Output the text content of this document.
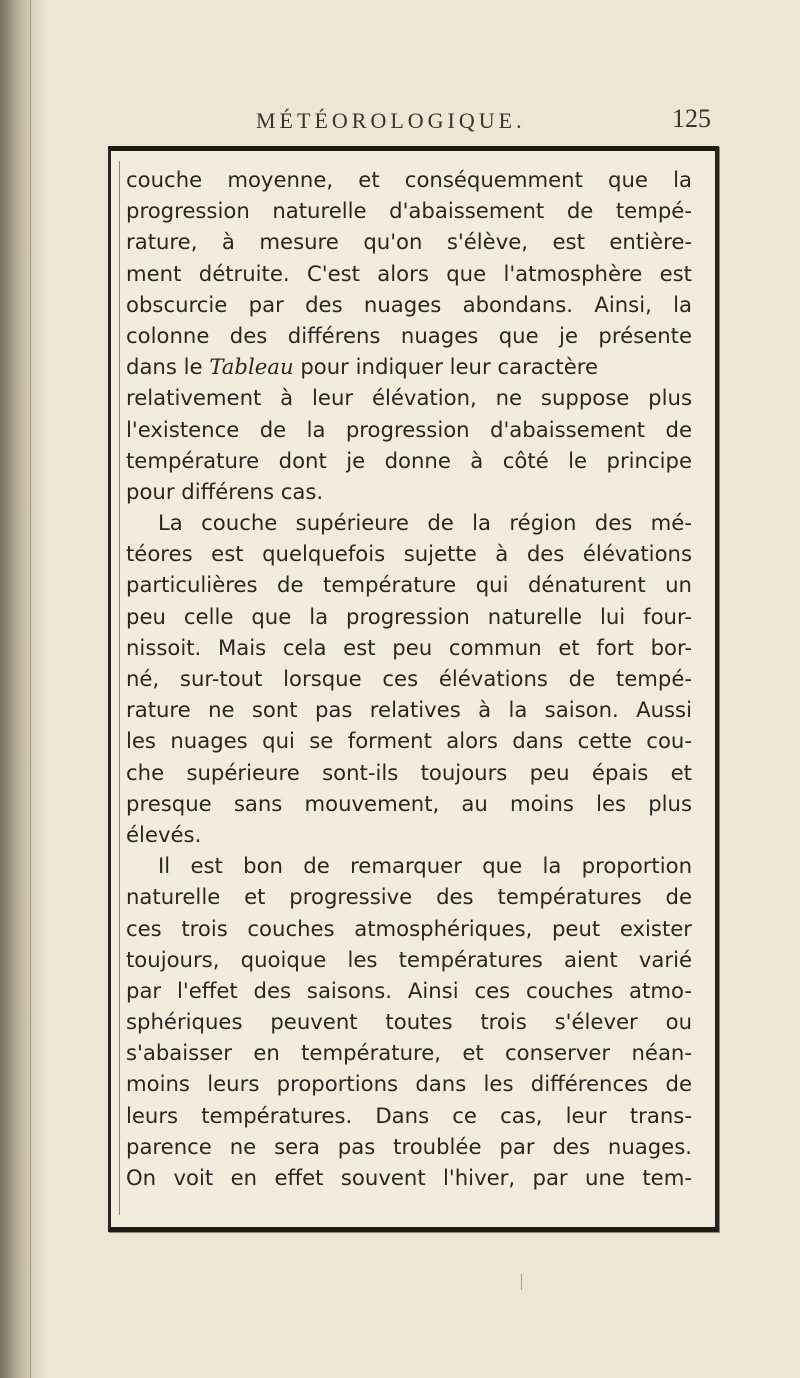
MÉTÉOROLOGIQUE.	125
couche moyenne, et conséquemment que la
progression naturelle d'abaissement de tempé-
rature, à mesure qu'on s'élève, est entière-
ment détruite. C'est alors que l'atmosphère est
obscurcie par des nuages abondans. Ainsi, la
colonne des différens nuages que je présente
dans le Tableau pour indiquer leur caractère
relativement à leur élévation, ne suppose plus
l'existence de la progression d'abaissement de
température dont je donne à côté le principe
pour différens cas.
La couche supérieure de la région des mé-
téores est quelquefois sujette à des élévations
particulières de température qui dénaturent un
peu celle que la progression naturelle lui four-
nissoit. Mais cela est peu commun et fort bor-
né, sur-tout lorsque ces élévations de tempé-
rature ne sont pas relatives à la saison. Aussi
les nuages qui se forment alors dans cette cou-
che supérieure sont-ils toujours peu épais et
presque sans mouvement, au moins les plus
élevés.
Il est bon de remarquer que la proportion
naturelle et progressive des températures de
ces trois couches atmosphériques, peut exister
toujours, quoique les températures aient varié
par l'effet des saisons. Ainsi ces couches atmo-
sphériques peuvent toutes trois s'élever ou
s'abaisser en température, et conserver néan-
moins leurs proportions dans les différences de
leurs températures. Dans ce cas, leur trans-
parence ne sera pas troublée par des nuages.
On voit en effet souvent l'hiver, par une tem-
